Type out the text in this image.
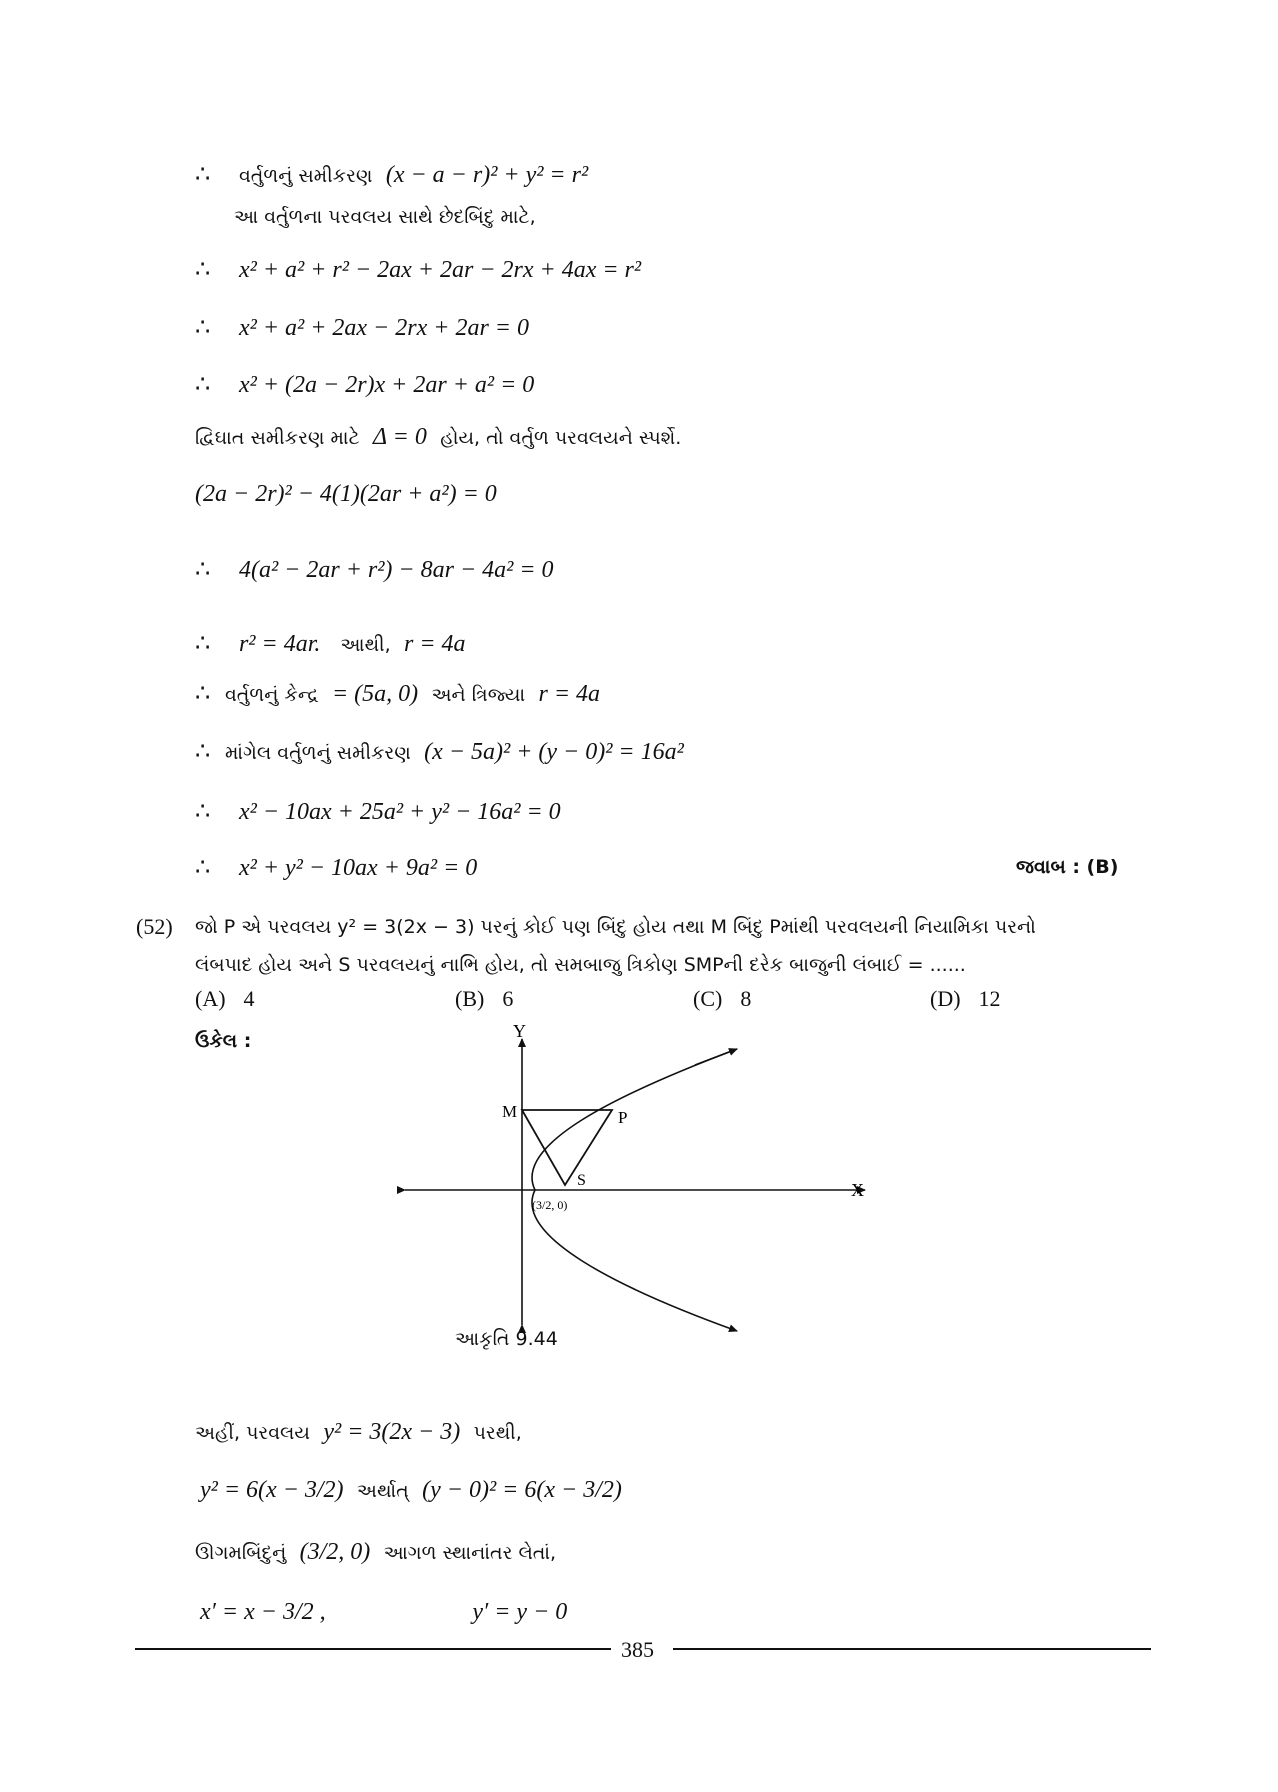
∴ વર્તુળનું સમીકરણ (x − a − r)² + y² = r²
આ વર્તુળના પરવલય સાથે છેદબિંદુ માટે,
∴ x² + a² + r² − 2ax + 2ar − 2rx + 4ax = r²
∴ x² + a² + 2ax − 2rx + 2ar = 0
∴ x² + (2a − 2r)x + 2ar + a² = 0
દ્વિઘાત સમીકરણ માટે Δ = 0 હોય, તો વર્તુળ પરવલયને સ્પર્શે.
(2a − 2r)² − 4(1)(2ar + a²) = 0
∴ 4(a² − 2ar + r²) − 8ar − 4a² = 0
∴ r² = 4ar. આથી, r = 4a
∴ વર્તુળનું કેન્દ્ર = (5a, 0) અને ત્રિજ્યા r = 4a
∴ માંગેલ વર્તુળનું સમીકરણ (x − 5a)² + (y − 0)² = 16a²
∴ x² − 10ax + 25a² + y² − 16a² = 0
∴ x² + y² − 10ax + 9a² = 0	જવાબ : (B)
(52) જો P એ પરવલય y² = 3(2x − 3) પરનું કોઈ પણ બિંદુ હોય તથા M બિંદુ Pમાંથી પરવલયની નિયામિકા પરનો
લંબપાદ હોય અને S પરવલયનું નાભિ હોય, તો સમબાજુ ત્રિકોણ SMPની દરેક બાજુની લંબાઈ = ......
(A) 4	(B) 6	(C) 8	(D) 12
ઉકેલ :	Y
X
M	P
S
(3/2, 0)
આકૃતિ 9.44
અહીં, પરવલય y² = 3(2x − 3) પરથી,
y² = 6(x − 3/2) અર્થાત્ (y − 0)² = 6(x − 3/2)
ઊગમબિંદુનું (3/2, 0) આગળ સ્થાનાંતર લેતાં,
x′ = x − 3/2 ,	y′ = y − 0
385
